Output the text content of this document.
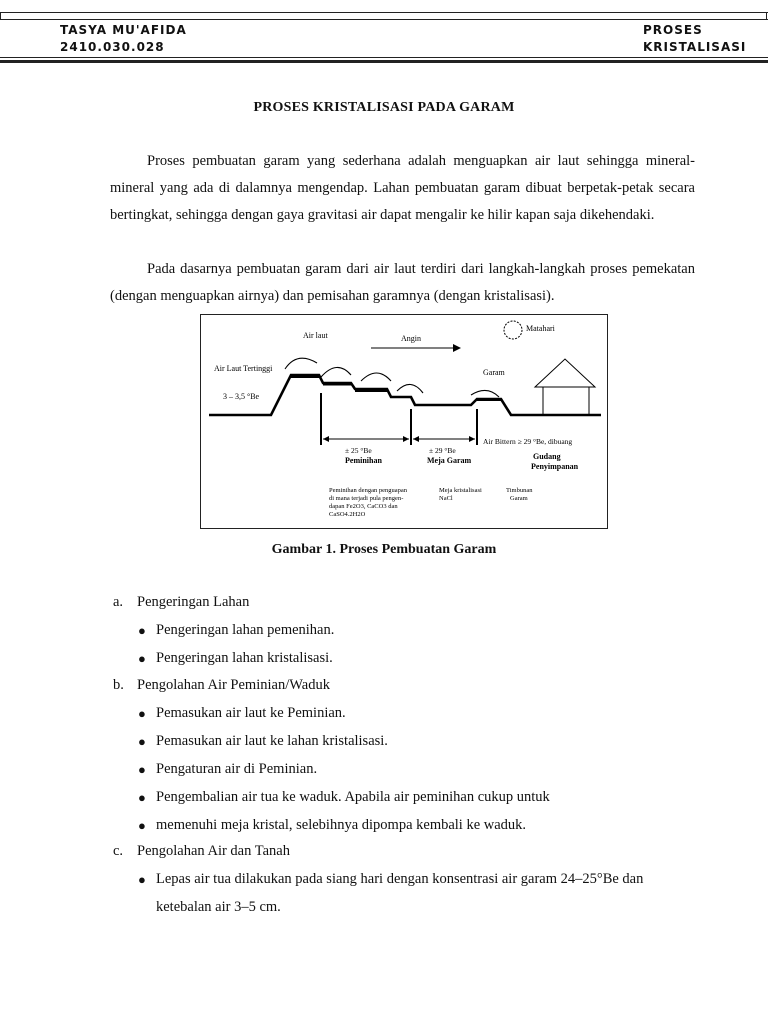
TASYA MU'AFIDA
2410.030.028
PROSES
KRISTALISASI
PROSES KRISTALISASI PADA GARAM
Proses pembuatan garam yang sederhana adalah menguapkan air laut sehingga mineral-mineral yang ada di dalamnya mengendap. Lahan pembuatan garam dibuat berpetak-petak secara bertingkat, sehingga dengan gaya gravitasi air dapat mengalir ke hilir kapan saja dikehendaki.
Pada dasarnya pembuatan garam dari air laut terdiri dari langkah-langkah proses pemekatan (dengan menguapkan airnya) dan pemisahan garamnya (dengan kristalisasi).
Air laut	Angin
Matahari
Air Laut Tertinggi
3 – 3,5 °Be
Garam
Air Bittern ≥ 29 °Be, dibuang
± 25 °Be
Peminihan
± 29 °Be
Meja Garam	Gudang
Penyimpanan
Peminihan dengan penguapan
di mana terjadi pula pengen-
dapan Fe2O3, CaCO3 dan
CaSO4.2H2O
Meja kristalisasi
NaCl
Timbunan
Garam
Gambar 1. Proses Pembuatan Garam
a. Pengeringan Lahan
● Pengeringan lahan pemenihan.
● Pengeringan lahan kristalisasi.
b. Pengolahan Air Peminian/Waduk
● Pemasukan air laut ke Peminian.
● Pemasukan air laut ke lahan kristalisasi.
● Pengaturan air di Peminian.
● Pengembalian air tua ke waduk. Apabila air peminihan cukup untuk
● memenuhi meja kristal, selebihnya dipompa kembali ke waduk.
c. Pengolahan Air dan Tanah
● Lepas air tua dilakukan pada siang hari dengan konsentrasi air garam 24–25°Be dan
ketebalan air 3–5 cm.
